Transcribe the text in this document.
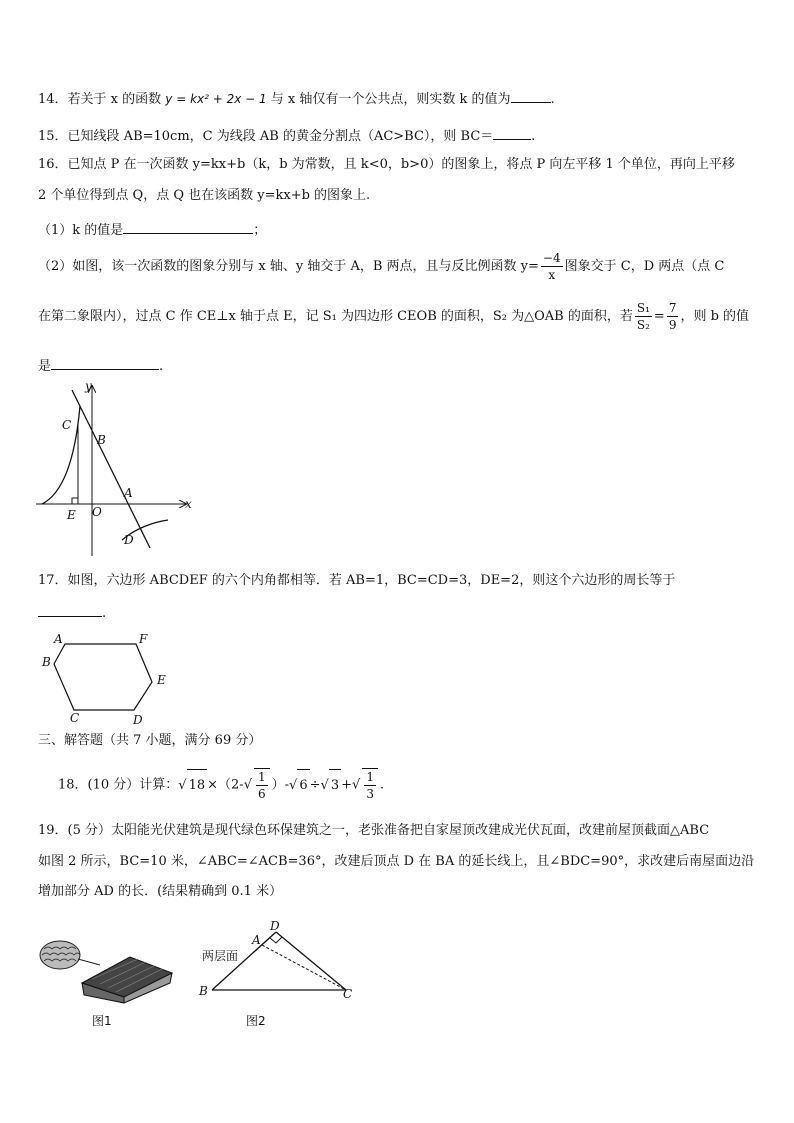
14．若关于 x 的函数 y = kx² + 2x − 1 与 x 轴仅有一个公共点，则实数 k 的值为	.
15．已知线段 AB=10cm，C 为线段 AB 的黄金分割点（AC>BC），则 BC＝	.
16．已知点 P 在一次函数 y=kx+b（k，b 为常数，且 k<0，b>0）的图象上，将点 P 向左平移 1 个单位，再向上平移
2 个单位得到点 Q，点 Q 也在该函数 y=kx+b 的图象上.
（1）k 的值是	；
（2）如图，该一次函数的图象分别与 x 轴、y 轴交于 A，B 两点，且与反比例函数 $y= \frac{-4}{x}$ 图象交于 C，D 两点（点 C
在第二象限内），过点 C 作 CE⊥x 轴于点 E，记 S₁ 为四边形 CEOB 的面积，S₂ 为△OAB 的面积，若 $\frac{\text{S₁}}{\text{S₂}} = \frac{7}{9}$ ，则 b 的值
是	.
y
C
B
A
x
E O
D
17．如图，六边形 ABCDEF 的六个内角都相等．若 AB=1，BC=CD=3，DE=2，则这个六边形的周长等于
.
A	F
B
E
C	D
三、解答题（共 7 小题，满分 69 分）
18．(10 分）计算：√ $18 \times(2-√ \frac{1}{6}$ ）-√ 6 ÷√ 3 +√ $\frac{1}{3}$ .
19．(5 分）太阳能光伏建筑是现代绿色环保建筑之一，老张准备把自家屋顶改建成光伏瓦面，改建前屋顶截面△ABC
如图 2 所示，BC=10 米，∠ABC=∠ACB=36°，改建后顶点 D 在 BA 的延长线上，且∠BDC=90°，求改建后南屋面边沿
增加部分 AD 的长．(结果精确到 0.1 米）
D
A
B	C
两层面
图1	图2
